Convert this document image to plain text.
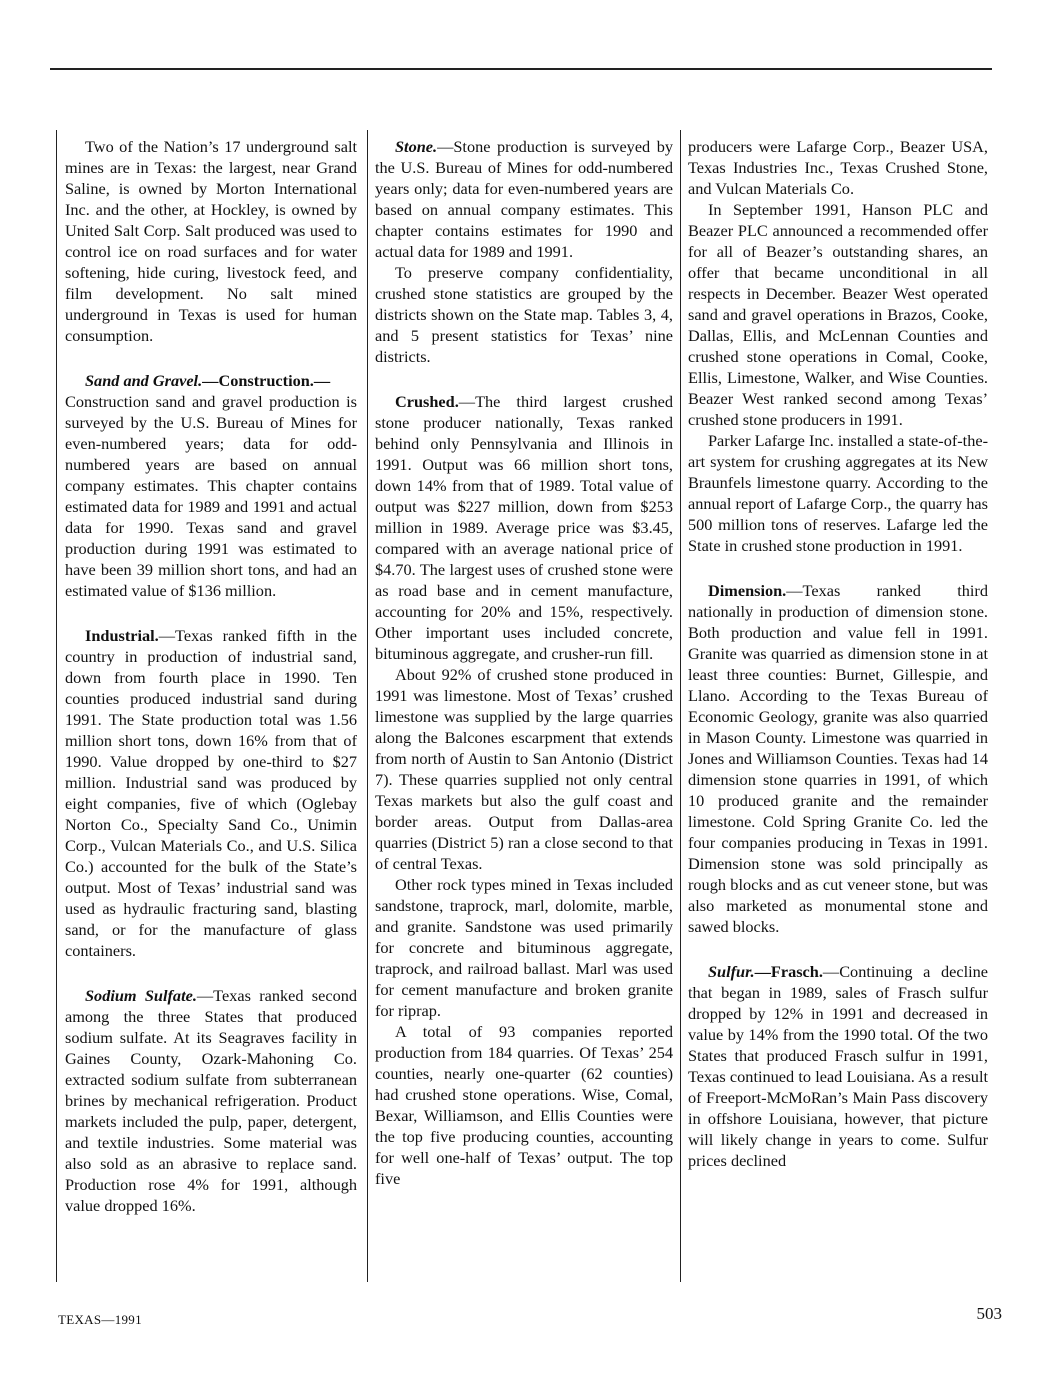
Two of the Nation’s 17 underground salt mines are in Texas: the largest, near Grand Saline, is owned by Morton International Inc. and the other, at Hockley, is owned by United Salt Corp. Salt produced was used to control ice on road surfaces and for water softening, hide curing, livestock feed, and film development. No salt mined underground in Texas is used for human consumption.

Sand and Gravel.—Construction.—

Construction sand and gravel production is surveyed by the U.S. Bureau of Mines for even-numbered years; data for odd-numbered years are based on annual company estimates. This chapter contains estimated data for 1989 and 1991 and actual data for 1990. Texas sand and gravel production during 1991 was estimated to have been 39 million short tons, and had an estimated value of $136 million.

Industrial.—Texas ranked fifth in the country in production of industrial sand, down from fourth place in 1990. Ten counties produced industrial sand during 1991. The State production total was 1.56 million short tons, down 16% from that of 1990. Value dropped by one-third to $27 million. Industrial sand was produced by eight companies, five of which (Oglebay Norton Co., Specialty Sand Co., Unimin Corp., Vulcan Materials Co., and U.S. Silica Co.) accounted for the bulk of the State’s output. Most of Texas’ industrial sand was used as hydraulic fracturing sand, blasting sand, or for the manufacture of glass containers.

Sodium Sulfate.—Texas ranked second among the three States that produced sodium sulfate. At its Seagraves facility in Gaines County, Ozark-Mahoning Co. extracted sodium sulfate from subterranean brines by mechanical refrigeration. Product markets included the pulp, paper, detergent, and textile industries. Some material was also sold as an abrasive to replace sand. Production rose 4% for 1991, although value dropped 16%.

Stone.—Stone production is surveyed by the U.S. Bureau of Mines for odd-numbered years only; data for even-numbered years are based on annual company estimates. This chapter contains estimates for 1990 and actual data for 1989 and 1991.

To preserve company confidentiality, crushed stone statistics are grouped by the districts shown on the State map. Tables 3, 4, and 5 present statistics for Texas’ nine districts.

Crushed.—The third largest crushed stone producer nationally, Texas ranked behind only Pennsylvania and Illinois in 1991. Output was 66 million short tons, down 14% from that of 1989. Total value of output was $227 million, down from $253 million in 1989. Average price was $3.45, compared with an average national price of $4.70. The largest uses of crushed stone were as road base and in cement manufacture, accounting for 20% and 15%, respectively. Other important uses included concrete, bituminous aggregate, and crusher-run fill.

About 92% of crushed stone produced in 1991 was limestone. Most of Texas’ crushed limestone was supplied by the large quarries along the Balcones escarpment that extends from north of Austin to San Antonio (District 7). These quarries supplied not only central Texas markets but also the gulf coast and border areas. Output from Dallas-area quarries (District 5) ran a close second to that of central Texas.

Other rock types mined in Texas included sandstone, traprock, marl, dolomite, marble, and granite. Sandstone was used primarily for concrete and bituminous aggregate, traprock, and railroad ballast. Marl was used for cement manufacture and broken granite for riprap.

A total of 93 companies reported production from 184 quarries. Of Texas’ 254 counties, nearly one-quarter (62 counties) had crushed stone operations. Wise, Comal, Bexar, Williamson, and Ellis Counties were the top five producing counties, accounting for well one-half of Texas’ output. The top five

producers were Lafarge Corp., Beazer USA, Texas Industries Inc., Texas Crushed Stone, and Vulcan Materials Co.

In September 1991, Hanson PLC and Beazer PLC announced a recommended offer for all of Beazer’s outstanding shares, an offer that became unconditional in all respects in December. Beazer West operated sand and gravel operations in Brazos, Cooke, Dallas, Ellis, and McLennan Counties and crushed stone operations in Comal, Cooke, Ellis, Limestone, Walker, and Wise Counties. Beazer West ranked second among Texas’ crushed stone producers in 1991.

Parker Lafarge Inc. installed a state-of-the-art system for crushing aggregates at its New Braunfels limestone quarry. According to the annual report of Lafarge Corp., the quarry has 500 million tons of reserves. Lafarge led the State in crushed stone production in 1991.

Dimension.—Texas ranked third nationally in production of dimension stone. Both production and value fell in 1991. Granite was quarried as dimension stone in at least three counties: Burnet, Gillespie, and Llano. According to the Texas Bureau of Economic Geology, granite was also quarried in Mason County. Limestone was quarried in Jones and Williamson Counties. Texas had 14 dimension stone quarries in 1991, of which 10 produced granite and the remainder limestone. Cold Spring Granite Co. led the four companies producing in Texas in 1991. Dimension stone was sold principally as rough blocks and as cut veneer stone, but was also marketed as monumental stone and sawed blocks.

Sulfur.—Frasch.—Continuing a decline that began in 1989, sales of Frasch sulfur dropped by 12% in 1991 and decreased in value by 14% from the 1990 total. Of the two States that produced Frasch sulfur in 1991, Texas continued to lead Louisiana. As a result of Freeport-McMoRan’s Main Pass discovery in offshore Louisiana, however, that picture will likely change in years to come. Sulfur prices declined

TEXAS—1991	503
